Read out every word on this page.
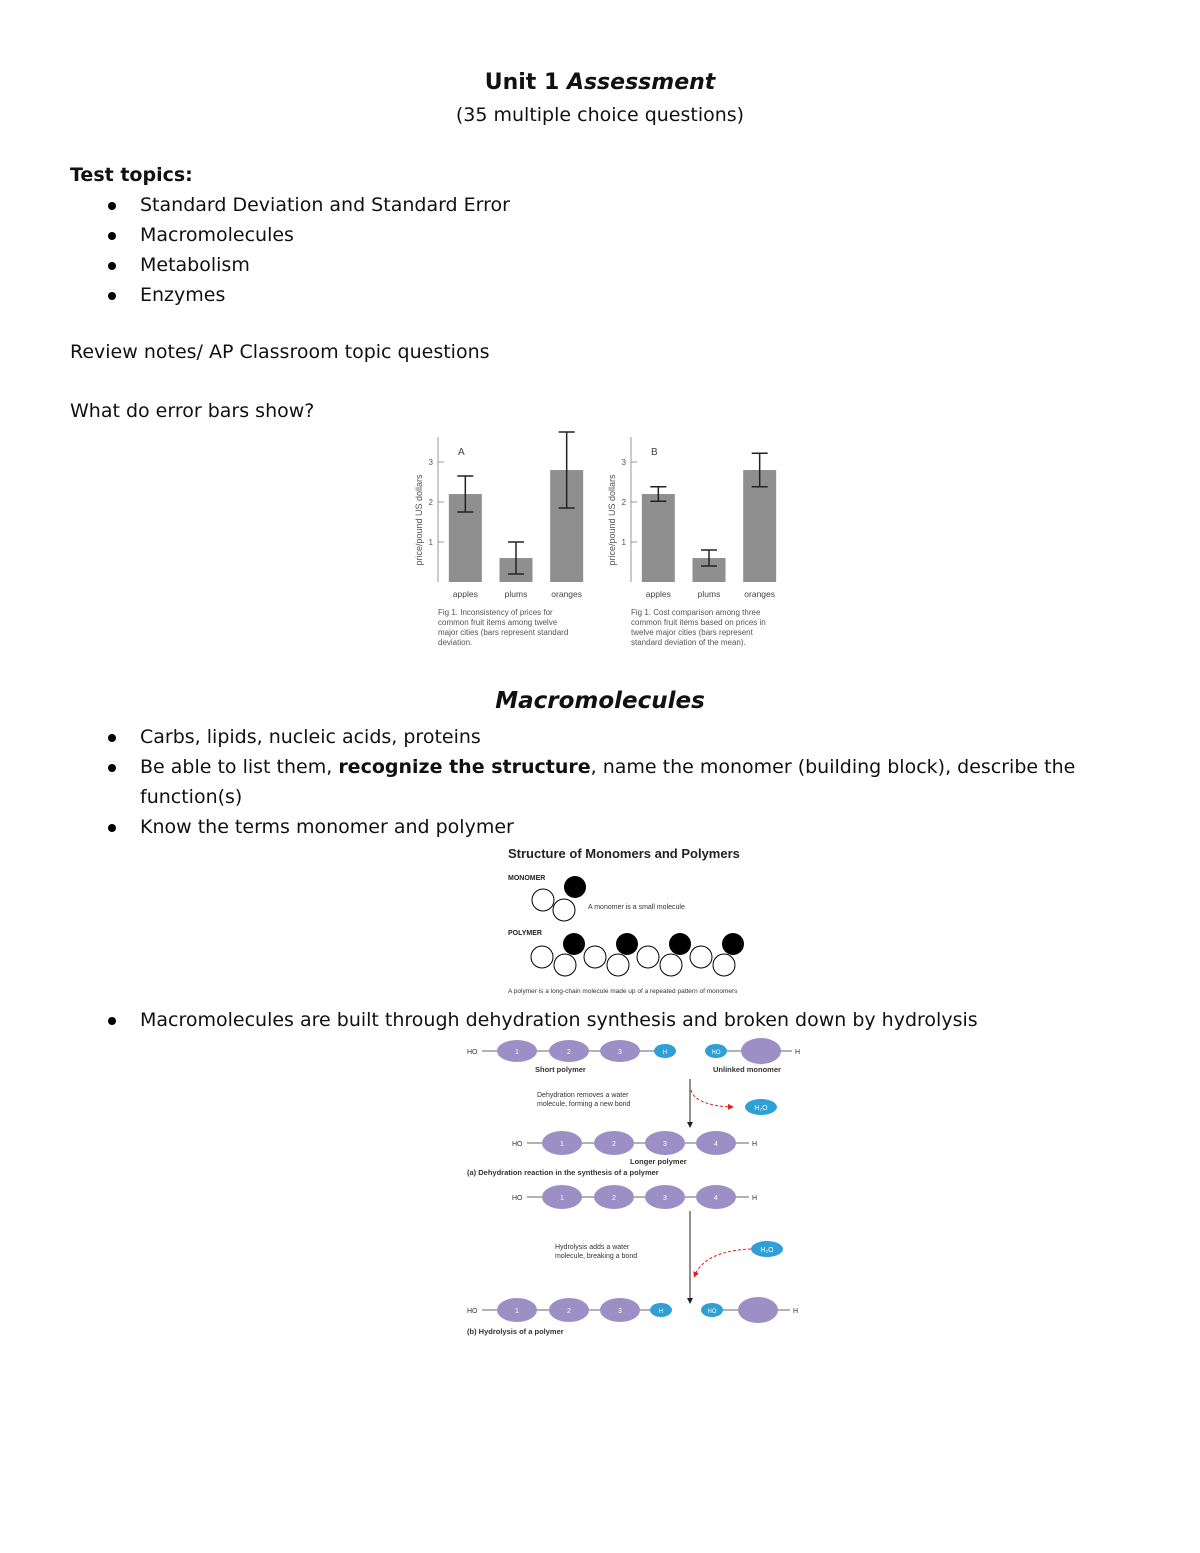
Unit 1 Assessment
(35 multiple choice questions)
Test topics:
Standard Deviation and Standard Error
Macromolecules
Metabolism
Enzymes
Review notes/ AP Classroom topic questions
What do error bars show?
price/pound US dollars
A
Fig 1. Inconsistency of prices for
common fruit items among twelve
major cities (bars represent standard
deviation.
1
2
3
apples	plums	oranges
price/pound US dollars
B
Fig 1. Cost comparison among three
common fruit items based on prices in
twelve major cities (bars represent
standard deviation of the mean).
1
2
3
apples	plums	oranges
Macromolecules
Carbs, lipids, nucleic acids, proteins
Be able to list them, recognize the structure, name the monomer (building block), describe the function(s)
Know the terms monomer and polymer
Structure of Monomers and Polymers
MONOMER
A monomer is a small molecule
POLYMER
A polymer is a long-chain molecule made up of a repeated pattern of monomers
Macromolecules are built through dehydration synthesis and broken down by hydrolysis
HO	1	2	3	H
Short polymer
HO	H
Unlinked monomer
Dehydration removes a water
molecule, forming a new bond
H₂O
HO	1	2	3	4	H
Longer polymer
(a) Dehydration reaction in the synthesis of a polymer
HO	1	2	3	4	H
Hydrolysis adds a water
molecule, breaking a bond
H₂O
HO	1	2	3	H	HO	H
(b) Hydrolysis of a polymer
